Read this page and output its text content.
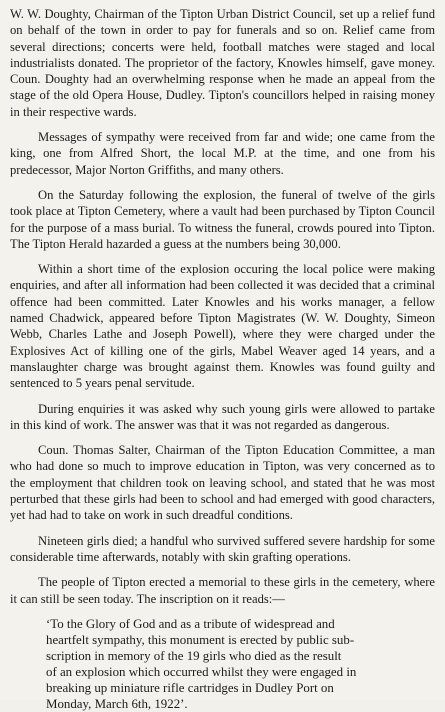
W. W. Doughty, Chairman of the Tipton Urban District Council, set up a relief fund on behalf of the town in order to pay for funerals and so on. Relief came from several directions; concerts were held, football matches were staged and local industrialists donated. The proprietor of the factory, Knowles himself, gave money. Coun. Doughty had an overwhelming response when he made an appeal from the stage of the old Opera House, Dudley. Tipton's councillors helped in raising money in their respective wards.

Messages of sympathy were received from far and wide; one came from the king, one from Alfred Short, the local M.P. at the time, and one from his predecessor, Major Norton Griffiths, and many others.

On the Saturday following the explosion, the funeral of twelve of the girls took place at Tipton Cemetery, where a vault had been purchased by Tipton Council for the purpose of a mass burial. To witness the funeral, crowds poured into Tipton. The Tipton Herald hazarded a guess at the numbers being 30,000.

Within a short time of the explosion occuring the local police were making enquiries, and after all information had been collected it was decided that a criminal offence had been committed. Later Knowles and his works manager, a fellow named Chadwick, appeared before Tipton Magistrates (W. W. Doughty, Simeon Webb, Charles Lathe and Joseph Powell), where they were charged under the Explosives Act of killing one of the girls, Mabel Weaver aged 14 years, and a manslaughter charge was brought against them. Knowles was found guilty and sentenced to 5 years penal servitude.

During enquiries it was asked why such young girls were allowed to partake in this kind of work. The answer was that it was not regarded as dangerous.

Coun. Thomas Salter, Chairman of the Tipton Education Committee, a man who had done so much to improve education in Tipton, was very concerned as to the employment that children took on leaving school, and stated that he was most perturbed that these girls had been to school and had emerged with good characters, yet had had to take on work in such dreadful conditions.

Nineteen girls died; a handful who survived suffered severe hardship for some considerable time afterwards, notably with skin grafting operations.

The people of Tipton erected a memorial to these girls in the cemetery, where it can still be seen today. The inscription on it reads:—

‘To the Glory of God and as a tribute of widespread and
heartfelt sympathy, this monument is erected by public sub-
scription in memory of the 19 girls who died as the result
of an explosion which occurred whilst they were engaged in
breaking up miniature rifle cartridges in Dudley Port on
Monday, March 6th, 1922’.
